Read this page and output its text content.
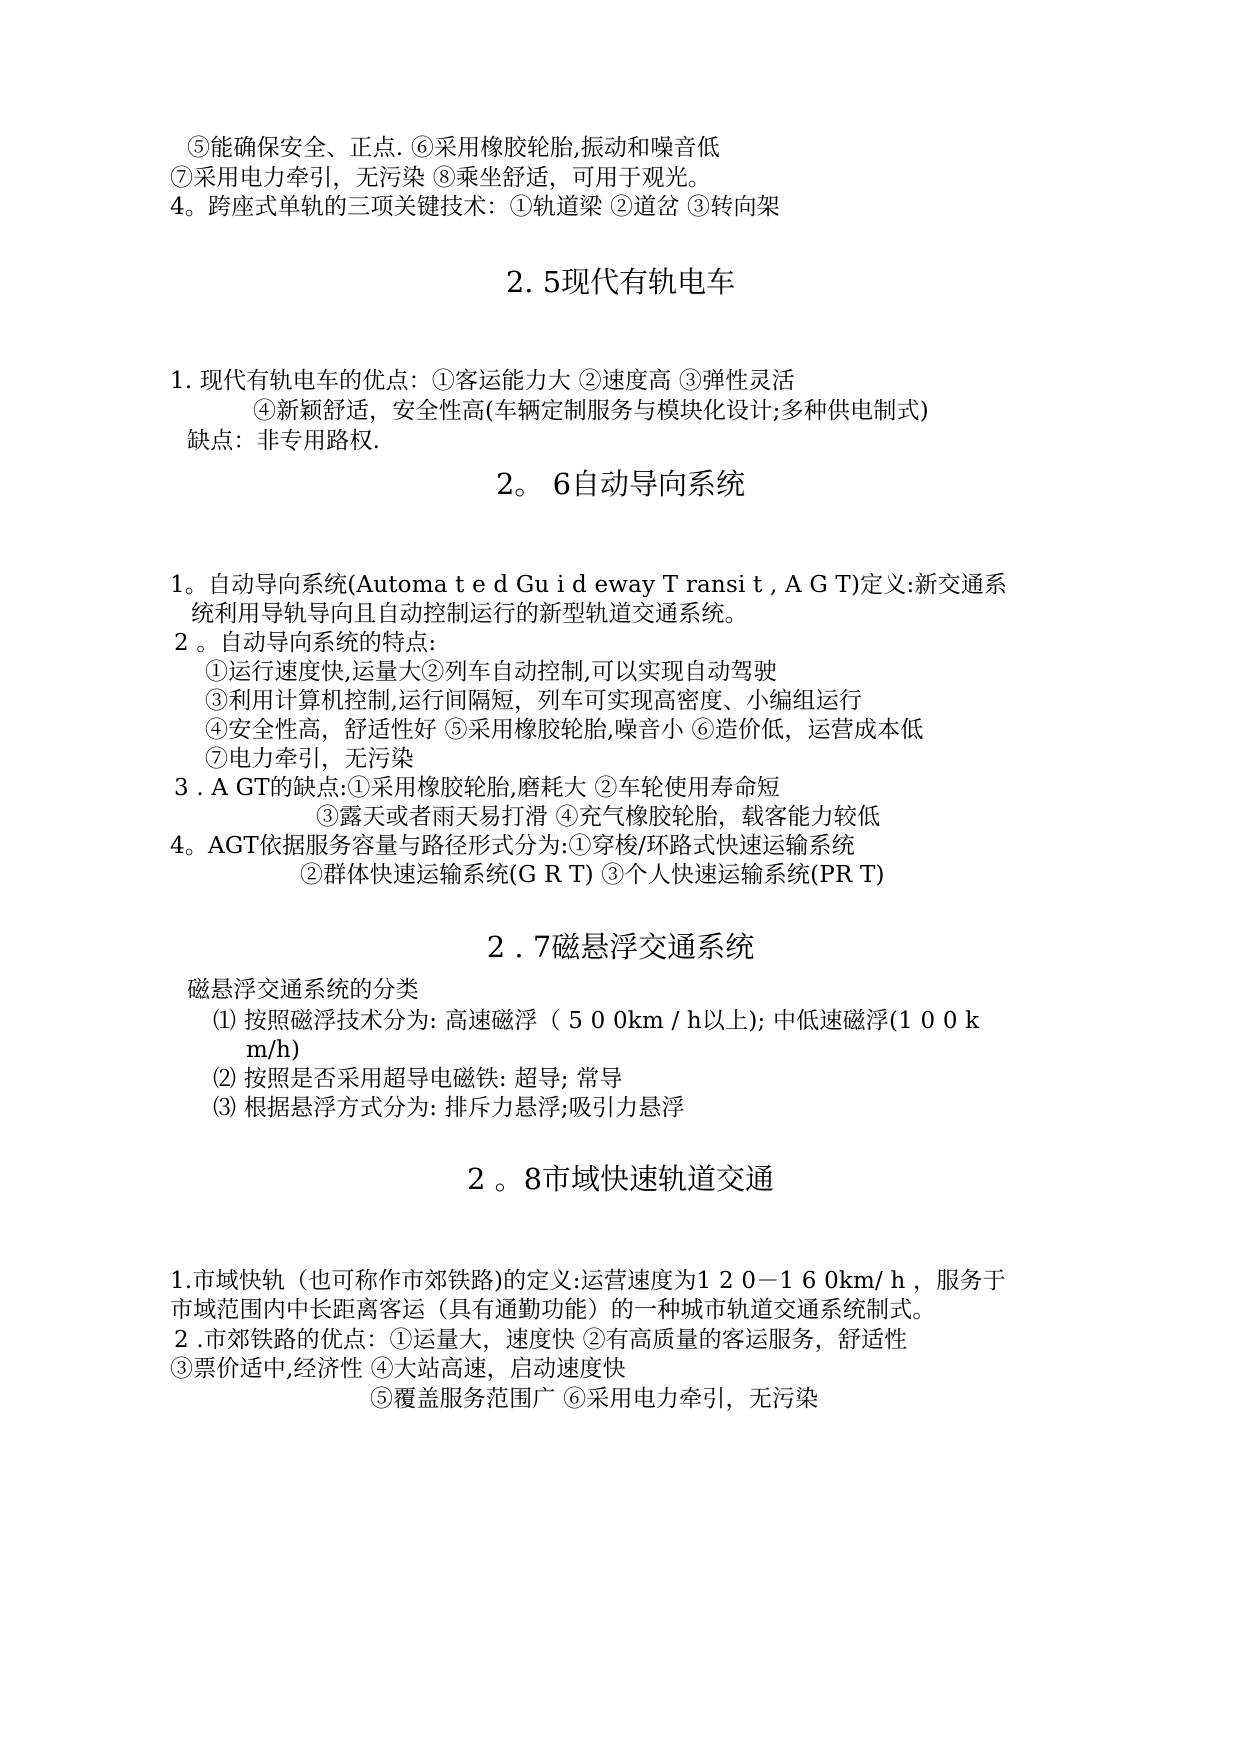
⑤能确保安全、正点. ⑥采用橡胶轮胎,振动和噪音低
⑦采用电力牵引，无污染 ⑧乘坐舒适，可用于观光。
4。跨座式单轨的三项关键技术：①轨道梁 ②道岔 ③转向架
2. 5现代有轨电车
1. 现代有轨电车的优点：①客运能力大 ②速度高 ③弹性灵活
④新颖舒适，安全性高(车辆定制服务与模块化设计;多种供电制式)
缺点：非专用路权.
2。 6自动导向系统
1。自动导向系统(Automa t e d Gu i d eway T ransi t , A G T)定义:新交通系
统利用导轨导向且自动控制运行的新型轨道交通系统。
2 。自动导向系统的特点:
①运行速度快,运量大②列车自动控制,可以实现自动驾驶
③利用计算机控制,运行间隔短，列车可实现高密度、小编组运行
④安全性高，舒适性好 ⑤采用橡胶轮胎,噪音小 ⑥造价低，运营成本低
⑦电力牵引，无污染
3 . A GT的缺点:①采用橡胶轮胎,磨耗大 ②车轮使用寿命短
③露天或者雨天易打滑 ④充气橡胶轮胎，载客能力较低
4。AGT依据服务容量与路径形式分为:①穿梭/环路式快速运输系统
②群体快速运输系统(G R T) ③个人快速运输系统(PR T)
2 . 7磁悬浮交通系统
磁悬浮交通系统的分类
⑴ 按照磁浮技术分为: 高速磁浮（ 5 0 0km / h以上); 中低速磁浮(1 0 0 k
m/h)
⑵ 按照是否采用超导电磁铁: 超导; 常导
⑶ 根据悬浮方式分为: 排斥力悬浮;吸引力悬浮
2 。8市域快速轨道交通
1.市域快轨（也可称作市郊铁路)的定义:运营速度为1 2 0－1 6 0km/ h ，服务于
市域范围内中长距离客运（具有通勤功能）的一种城市轨道交通系统制式。
2 .市郊铁路的优点：①运量大，速度快 ②有高质量的客运服务，舒适性
③票价适中,经济性 ④大站高速，启动速度快
⑤覆盖服务范围广 ⑥采用电力牵引，无污染
